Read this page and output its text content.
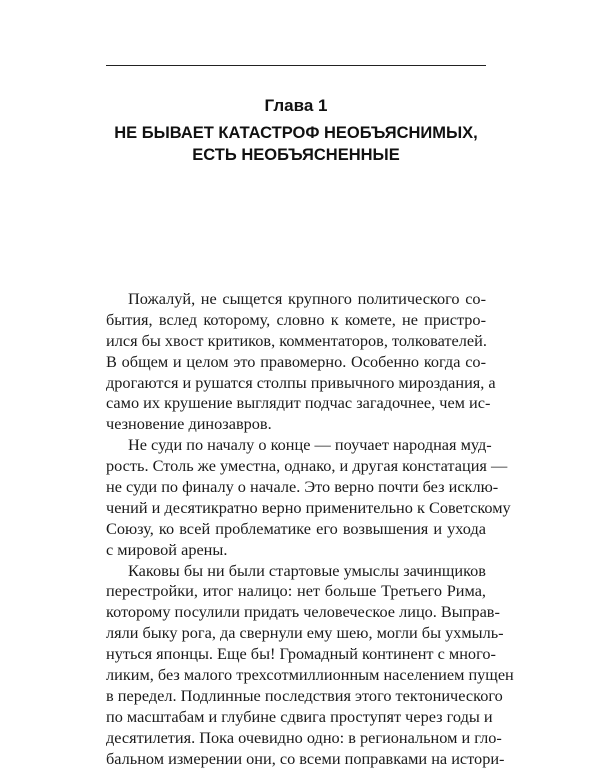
Глава 1
НЕ БЫВАЕТ КАТАСТРОФ НЕОБЪЯСНИМЫХ,
ЕСТЬ НЕОБЪЯСНЕННЫЕ
Пожалуй, не сыщется крупного политического со-
бытия, вслед которому, словно к комете, не пристро-
ился бы хвост критиков, комментаторов, толкователей.
В общем и целом это правомерно. Особенно когда со-
дрогаются и рушатся столпы привычного мироздания, а
само их крушение выглядит подчас загадочнее, чем ис-
чезновение динозавров.
Не суди по началу о конце — поучает народная муд-
рость. Столь же уместна, однако, и другая констатация —
не суди по финалу о начале. Это верно почти без исклю-
чений и десятикратно верно применительно к Советскому
Союзу, ко всей проблематике его возвышения и ухода
с мировой арены.
Каковы бы ни были стартовые умыслы зачинщиков
перестройки, итог налицо: нет больше Третьего Рима,
которому посулили придать человеческое лицо. Выправ-
ляли быку рога, да свернули ему шею, могли бы ухмыль-
нуться японцы. Еще бы! Громадный континент с много-
ликим, без малого трехсотмиллионным населением пущен
в передел. Подлинные последствия этого тектонического
по масштабам и глубине сдвига проступят через годы и
десятилетия. Пока очевидно одно: в региональном и гло-
бальном измерении они, со всеми поправками на истори-
